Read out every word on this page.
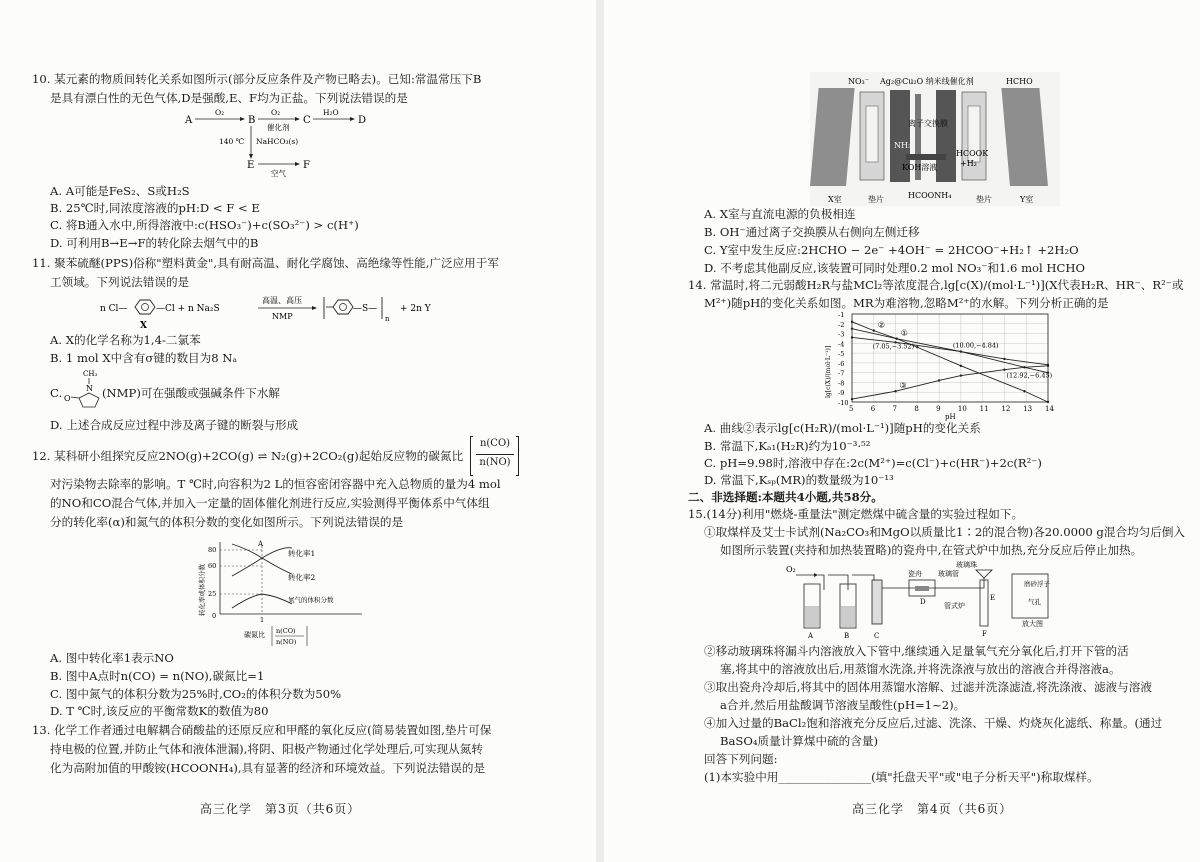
10. 某元素的物质间转化关系如图所示(部分反应条件及产物已略去)。已知:常温常压下B
是具有漂白性的无色气体,D是强酸,E、F均为正盐。下列说法错误的是
A
O₂
B
O₂
催化剂
C
H₂O
D
140 ℃ NaHCO₃(s)
E
空气
F
A. A可能是FeS₂、S或H₂S
B. 25℃时,同浓度溶液的pH:D < F < E
C. 将B通入水中,所得溶液中:c(HSO₃⁻)+c(SO₃²⁻) > c(H⁺)
D. 可利用B→E→F的转化除去烟气中的B
11. 聚苯硫醚(PPS)俗称"塑料黄金",具有耐高温、耐化学腐蚀、高绝缘等性能,广泛应用于军
工领域。下列说法错误的是
n Cl—	—Cl + n Na₂S
X
高温、高压
NMP
—S—
n
+ 2n Y
A. X的化学名称为1,4-二氯苯
B. 1 mol X中含有σ键的数目为8 Nₐ
C.
CH₃
N
O	(NMP)可在强酸或强碱条件下水解
D. 上述合成反应过程中涉及离子键的断裂与形成
12. 某科研小组探究反应2NO(g)+2CO(g) ⇌ N₂(g)+2CO₂(g)起始反应物的碳氮比
n(CO)
n(NO)
对污染物去除率的影响。T ℃时,向容积为2 L的恒容密闭容器中充入总物质的量为4 mol
的NO和CO混合气体,并加入一定量的固体催化剂进行反应,实验测得平衡体系中气体组
分的转化率(α)和氮气的体积分数的变化如图所示。下列说法错误的是
转化率或体积分数
80
60
25
0
A
转化率1
转化率2
氮气的体积分数
1
碳氮比 n(CO)
n(NO)
A. 图中转化率1表示NO
B. 图中A点时n(CO) = n(NO),碳氮比=1
C. 图中氮气的体积分数为25%时,CO₂的体积分数为50%
D. T ℃时,该反应的平衡常数K的数值为80
13. 化学工作者通过电解耦合硝酸盐的还原反应和甲醛的氧化反应(简易装置如图,垫片可保
持电极的位置,并防止气体和液体泄漏),将阴、阳极产物通过化学处理后,可实现从氮转
化为高附加值的甲酸铵(HCOONH₄),具有显著的经济和环境效益。下列说法错误的是
高三化学　第3页（共6页）
NO₃⁻ Ag₂@Cu₂O 纳米线催化剂	HCHO
离子交换膜
NH₃
KOH溶液
HCOOK
+H₂
HCOONH₄
X室	垫片	垫片	Y室
A. X室与直流电源的负极相连
B. OH⁻通过离子交换膜从右侧向左侧迁移
C. Y室中发生反应:2HCHO − 2e⁻ +4OH⁻ = 2HCOO⁻+H₂↑ +2H₂O
D. 不考虑其他副反应,该装置可同时处理0.2 mol NO₃⁻和1.6 mol HCHO
14. 常温时,将二元弱酸H₂R与盐MCl₂等浓度混合,lg[c(X)/(mol·L⁻¹)](X代表H₂R、HR⁻、R²⁻或
M²⁺)随pH的变化关系如图。MR为难溶物,忽略M²⁺的水解。下列分析正确的是
5 6 7 8 9 10 11 12 13 14
-1
-2
-3
-4
-5
-6
-7
-8
-9
-10
pH
lg[c(X)/(mol·L⁻¹)]
①
②
③
(7.05,−3.52)	(10.00,−4.84)
(12.92,−6.45)
A. 曲线②表示lg[c(H₂R)/(mol·L⁻¹)]随pH的变化关系
B. 常温下,Kₐ₁(H₂R)约为10⁻³·⁵²
C. pH=9.98时,溶液中存在:2c(M²⁺)=c(Cl⁻)+c(HR⁻)+2c(R²⁻)
D. 常温下,Kₛₚ(MR)的数量级为10⁻¹³
二、非选择题:本题共4小题,共58分。
15.(14分)利用"燃烧-重量法"测定燃煤中硫含量的实验过程如下。
①取煤样及艾士卡试剂(Na₂CO₃和MgO以质量比1∶2的混合物)各20.0000 g混合均匀后倒入
如图所示装置(夹持和加热装置略)的瓷舟中,在管式炉中加热,充分反应后停止加热。
O₂	瓷舟 玻璃管
管式炉
玻璃珠
放大图
磨砂浮子
气孔
A	B	C
D	E
F
②移动玻璃珠将漏斗内溶液放入下管中,继续通入足量氧气充分氧化后,打开下管的活
塞,将其中的溶液放出后,用蒸馏水洗涤,并将洗涤液与放出的溶液合并得溶液a。
③取出瓷舟冷却后,将其中的固体用蒸馏水溶解、过滤并洗涤滤渣,将洗涤液、滤液与溶液
a合并,然后用盐酸调节溶液呈酸性(pH=1~2)。
④加入过量的BaCl₂饱和溶液充分反应后,过滤、洗涤、干燥、灼烧灰化滤纸、称量。(通过
BaSO₄质量计算煤中硫的含量)
回答下列问题:
(1)本实验中用________________(填"托盘天平"或"电子分析天平")称取煤样。
高三化学　第4页（共6页）
